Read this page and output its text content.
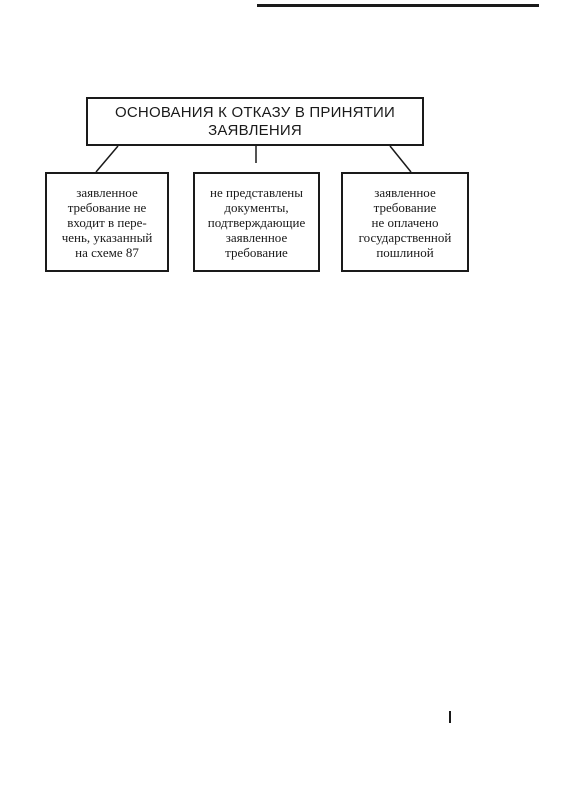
ОСНОВАНИЯ К ОТКАЗУ В ПРИНЯТИИ
ЗАЯВЛЕНИЯ
заявленное
требование не
входит в пере-
чень, указанный
на схеме 87
не представлены
документы,
подтверждающие
заявленное
требование
заявленное
требование
не оплачено
государственной
пошлиной
